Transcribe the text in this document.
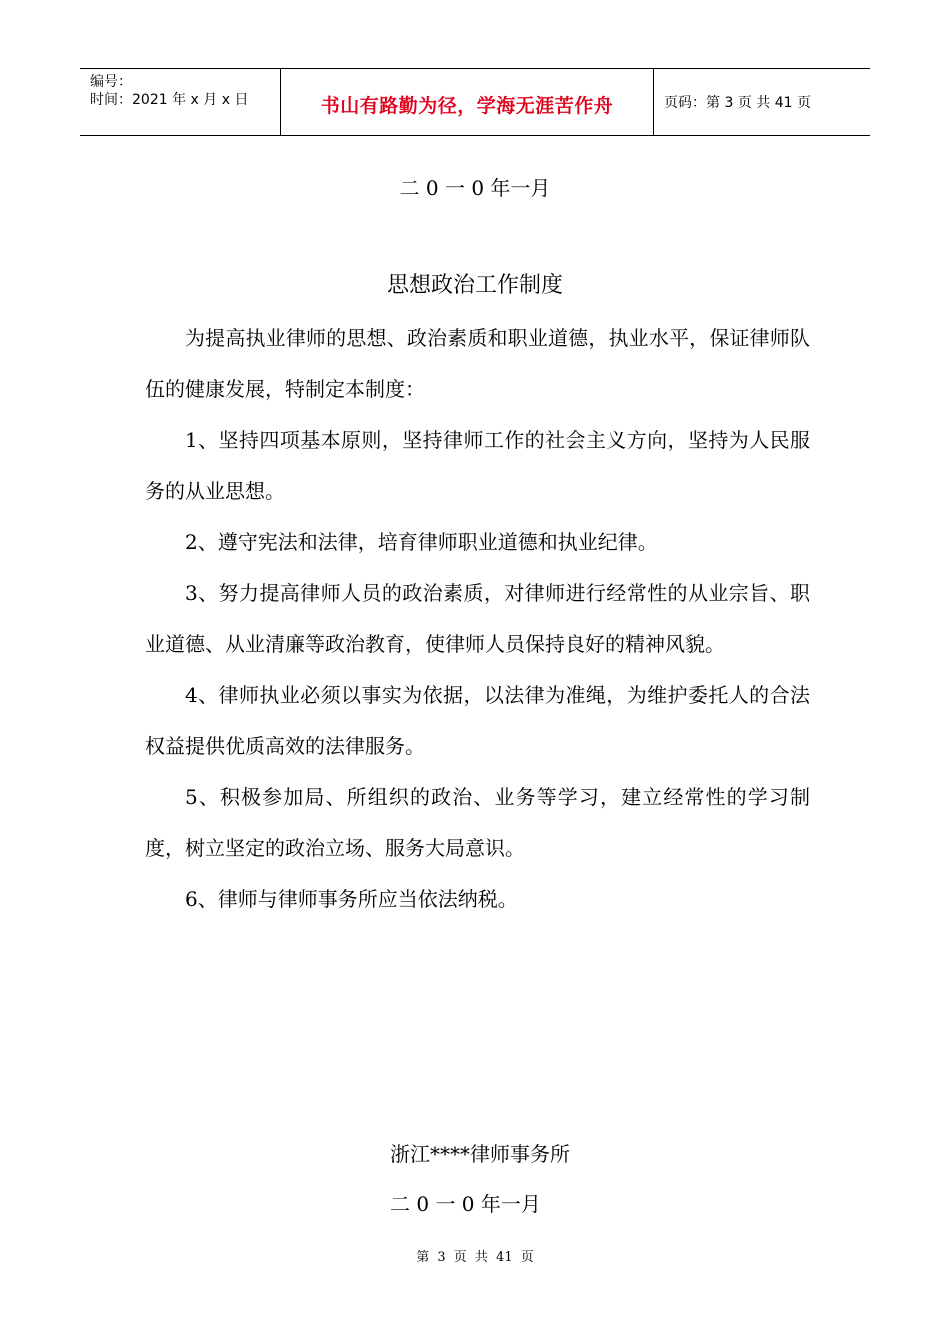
编号：
时间：2021 年 x 月 x 日	书山有路勤为径，学海无涯苦作舟	页码：第 3 页 共 41 页
二 0 一 0 年一月
思想政治工作制度

为提高执业律师的思想、政治素质和职业道德，执业水平，保证律师队伍的健康发展，特制定本制度：

1、坚持四项基本原则，坚持律师工作的社会主义方向，坚持为人民服务的从业思想。

2、遵守宪法和法律，培育律师职业道德和执业纪律。

3、努力提高律师人员的政治素质，对律师进行经常性的从业宗旨、职业道德、从业清廉等政治教育，使律师人员保持良好的精神风貌。

4、律师执业必须以事实为依据，以法律为准绳，为维护委托人的合法权益提供优质高效的法律服务。

5、积极参加局、所组织的政治、业务等学习，建立经常性的学习制度，树立坚定的政治立场、服务大局意识。

6、律师与律师事务所应当依法纳税。

浙江****律师事务所
二 0 一 0 年一月
第 3 页 共 41 页
